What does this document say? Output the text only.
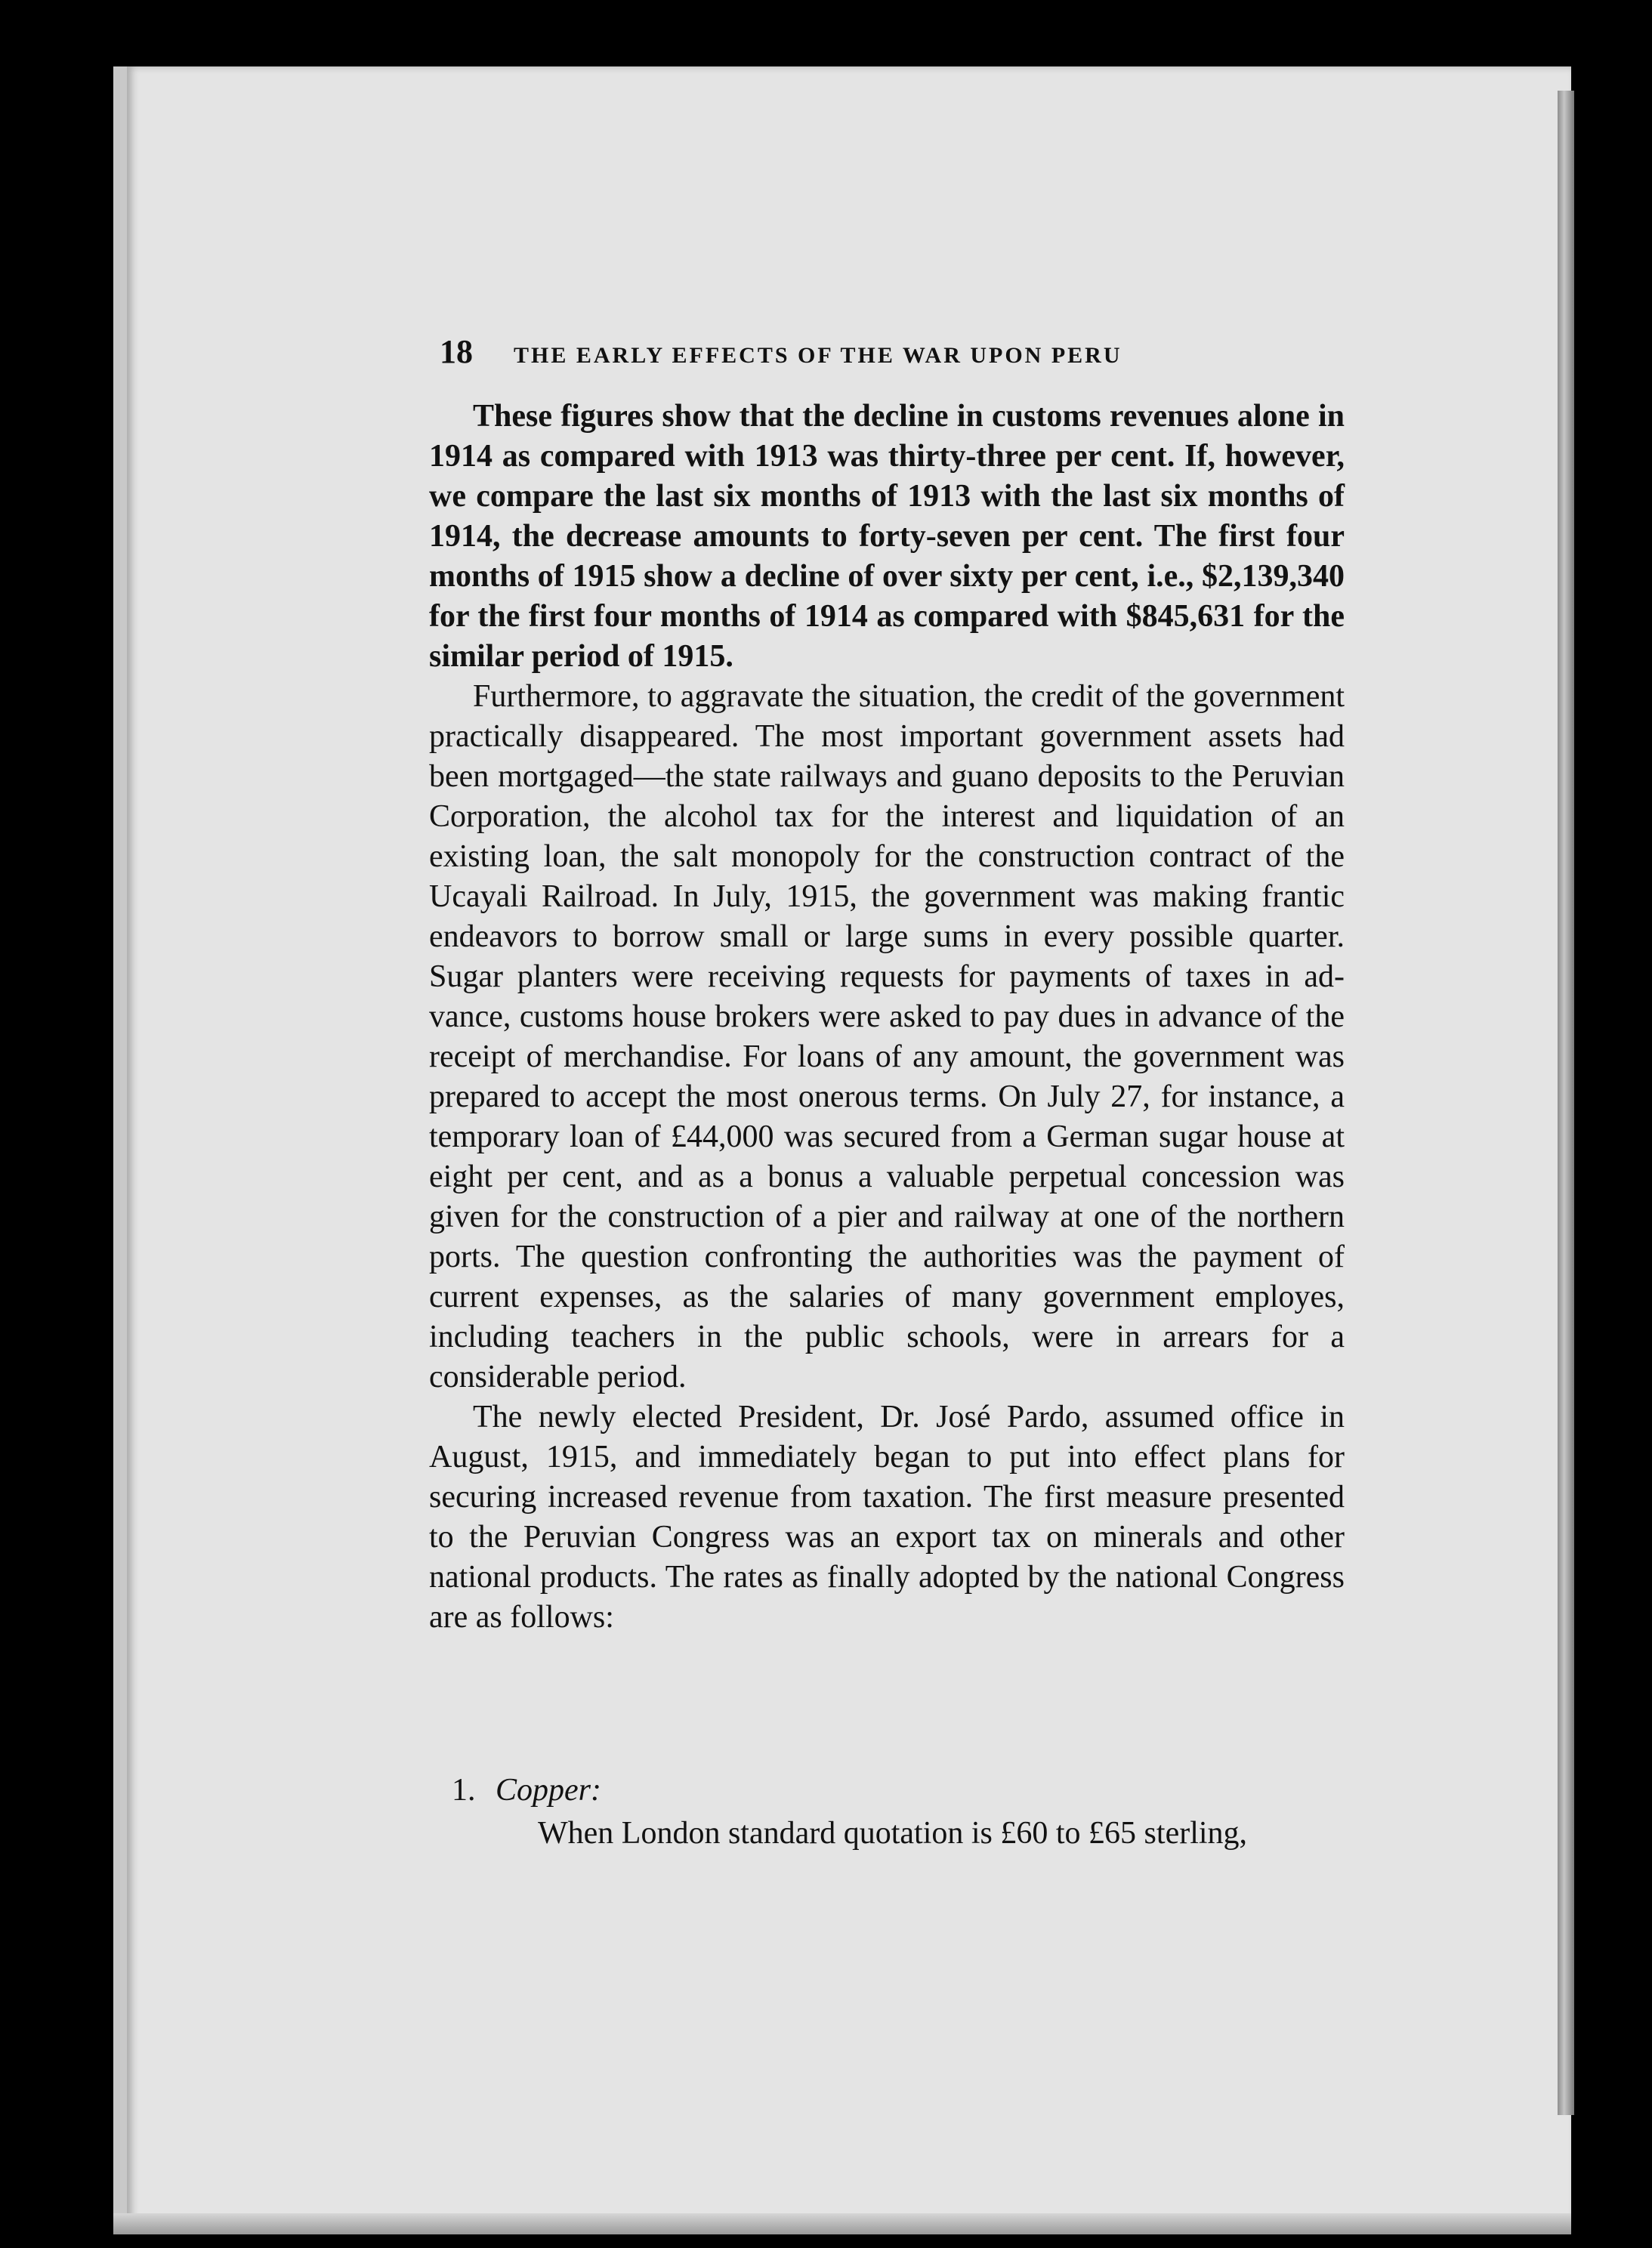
18 THE EARLY EFFECTS OF THE WAR UPON PERU

These figures show that the decline in customs revenues alone in 1914 as compared with 1913 was thirty-three per cent. If, however, we compare the last six months of 1913 with the last six months of 1914, the decrease amounts to forty-seven per cent. The first four months of 1915 show a decline of over sixty per cent, i.e., $2,139,340 for the first four months of 1914 as compared with $845,631 for the similar period of 1915.

Furthermore, to aggravate the situation, the credit of the government practically disappeared. The most important government assets had been mortgaged—the state railways and guano deposits to the Peruvian Corporation, the alcohol tax for the interest and liquidation of an existing loan, the salt monopoly for the construction contract of the Ucayali Railroad. In July, 1915, the government was making frantic endeavors to borrow small or large sums in every possible quarter. Sugar planters were receiving requests for payments of taxes in advance, customs house brokers were asked to pay dues in advance of the receipt of merchandise. For loans of any amount, the government was prepared to accept the most onerous terms. On July 27, for instance, a temporary loan of £44,000 was secured from a German sugar house at eight per cent, and as a bonus a valuable perpetual concession was given for the construction of a pier and railway at one of the northern ports. The question confronting the authorities was the payment of current expenses, as the salaries of many government employes, including teachers in the public schools, were in arrears for a considerable period.

The newly elected President, Dr. José Pardo, assumed office in August, 1915, and immediately began to put into effect plans for securing increased revenue from taxation. The first measure presented to the Peruvian Congress was an export tax on minerals and other national products. The rates as finally adopted by the national Congress are as follows:

1. Copper:
When London standard quotation is £60 to £65 sterling,
